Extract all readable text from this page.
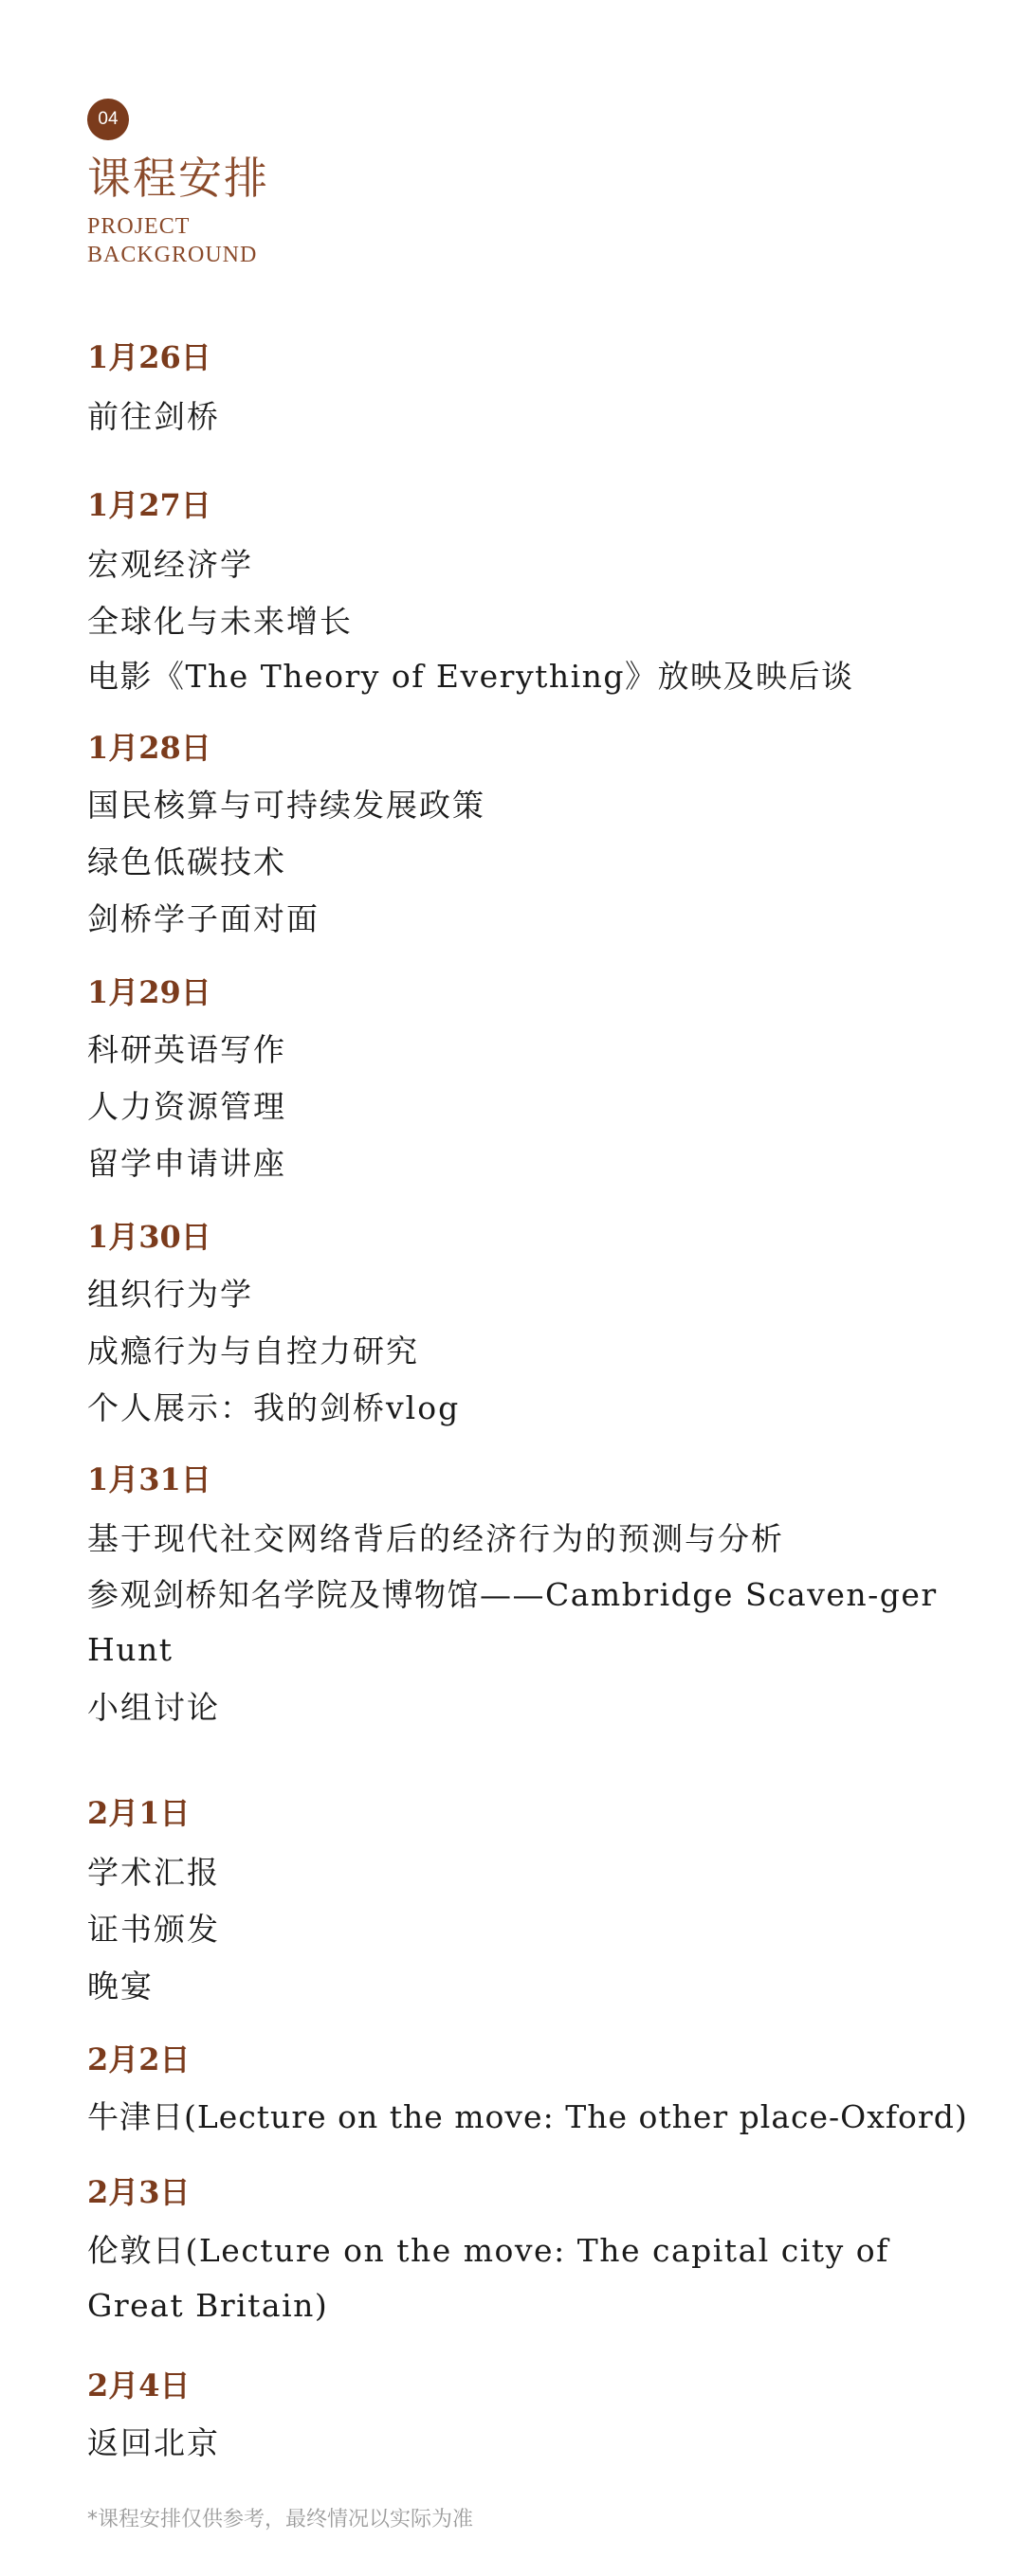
04
课程安排
PROJECT
BACKGROUND
1月26日
前往剑桥
1月27日
宏观经济学
全球化与未来增长
电影《The Theory of Everything》放映及映后谈
1月28日
国民核算与可持续发展政策
绿色低碳技术
剑桥学子面对面
1月29日
科研英语写作
人力资源管理
留学申请讲座
1月30日
组织行为学
成瘾行为与自控力研究
个人展示：我的剑桥vlog
1月31日
基于现代社交网络背后的经济行为的预测与分析
参观剑桥知名学院及博物馆——Cambridge Scaven-ger Hunt
小组讨论
2月1日
学术汇报
证书颁发
晚宴
2月2日
牛津日(Lecture on the move: The other place-Oxford)
2月3日
伦敦日(Lecture on the move: The capital city of Great Britain)
2月4日
返回北京
*课程安排仅供参考，最终情况以实际为准
